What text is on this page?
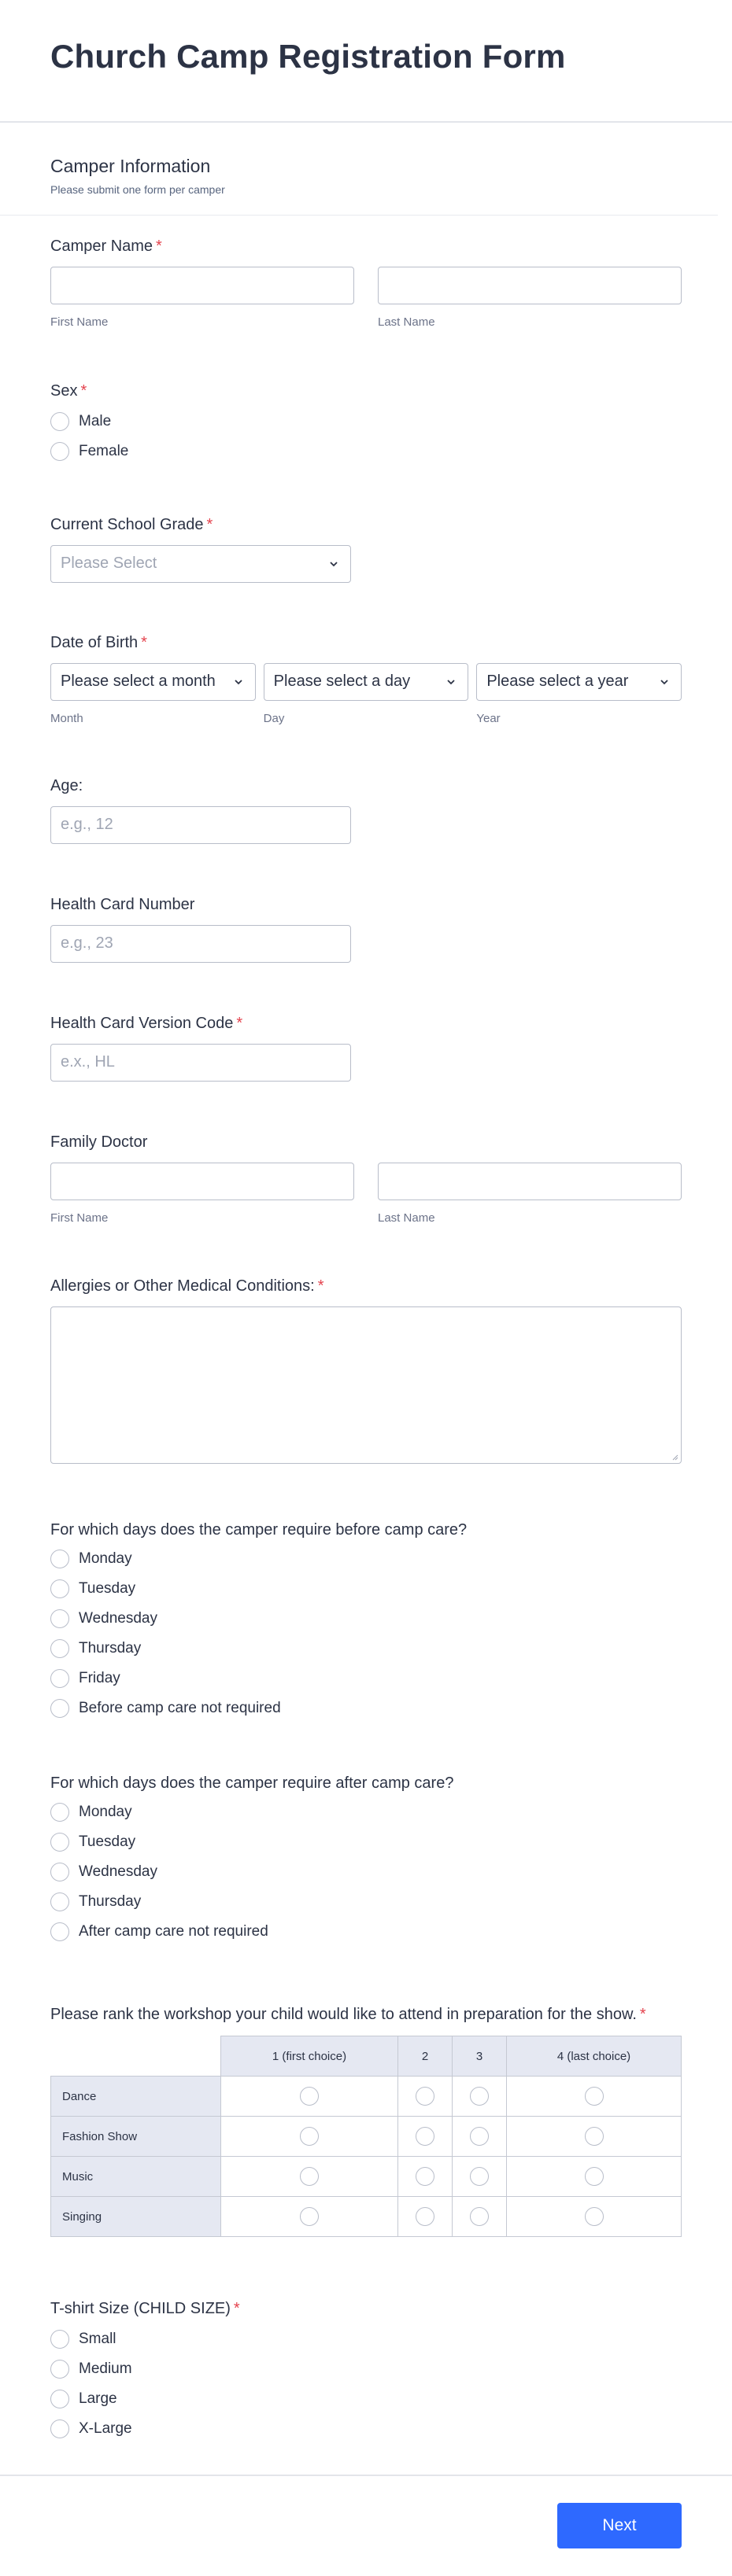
Church Camp Registration Form
Camper Information
Please submit one form per camper
Camper Name *
First Name	Last Name
Sex *
Male
Female
Current School Grade *
Please Select
Date of Birth *
Please select a month
Month
Please select a day
Day
Please select a year
Year
Age:
e.g., 12
Health Card Number
e.g., 23
Health Card Version Code *
e.x., HL
Family Doctor
First Name	Last Name
Allergies or Other Medical Conditions: *
For which days does the camper require before camp care?
Monday
Tuesday
Wednesday
Thursday
Friday
Before camp care not required
For which days does the camper require after camp care?
Monday
Tuesday
Wednesday
Thursday
After camp care not required
Please rank the workshop your child would like to attend in preparation for the show. *
	1 (first choice)	2	3	4 (last choice)
Dance				
Fashion Show				
Music				
Singing				
T-shirt Size (CHILD SIZE) *
Small
Medium
Large
X-Large
Next
